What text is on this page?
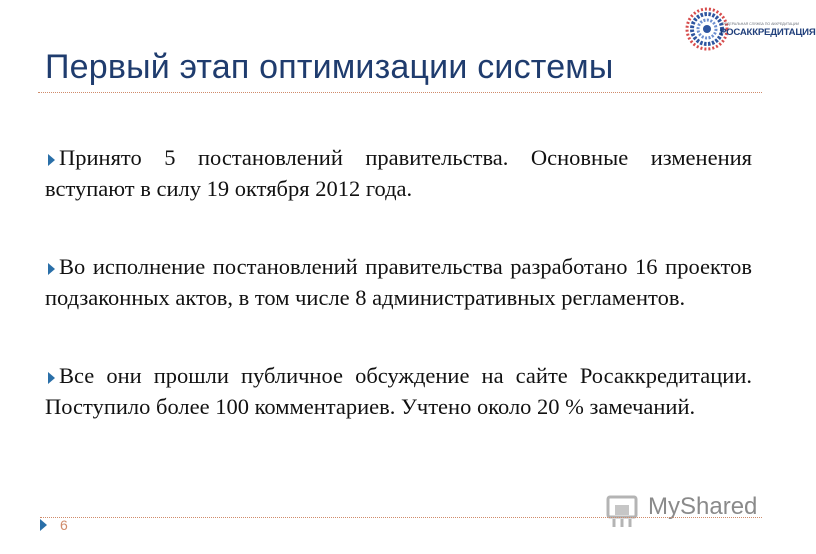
ФЕДЕРАЛЬНАЯ СЛУЖБА ПО АККРЕДИТАЦИИ
РОСАККРЕДИТАЦИЯ
Первый этап оптимизации системы

Принято 5 постановлений правительства. Основные изменения вступают в силу 19 октября 2012 года.

Во исполнение постановлений правительства разработано 16 проектов подзаконных актов, в том числе 8 административных регламентов.

Все они прошли публичное обсуждение на сайте Росаккредитации. Поступило более 100 комментариев. Учтено около 20 % замечаний.

MyShared
6
